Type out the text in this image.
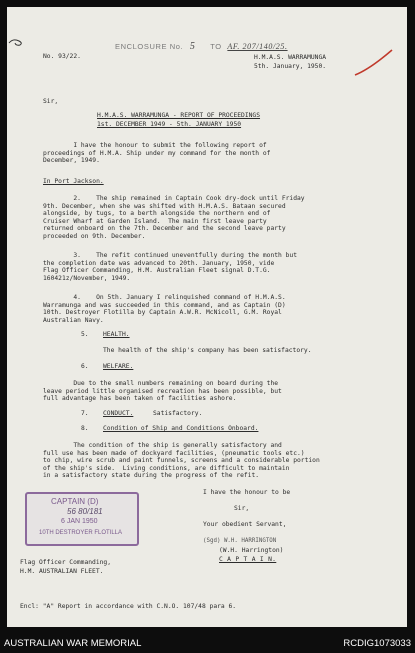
ENCLOSURE No. 5 TO AF. 207/140/25.
No. 93/22.	H.M.A.S. WARRAMUNGA
5th. January, 1950.
Sir,
H.M.A.S. WARRAMUNGA - REPORT OF PROCEEDINGS
1st. DECEMBER 1949 - 5th. JANUARY 1950
I have the honour to submit the following report of
proceedings of H.M.A. Ship under my command for the month of
December, 1949.
In Port Jackson.
2.    The ship remained in Captain Cook dry-dock until Friday
9th. December, when she was shifted with H.M.A.S. Bataan secured
alongside, by tugs, to a berth alongside the northern end of
Cruiser Wharf at Garden Island.  The main first leave party
returned onboard on the 7th. December and the second leave party
proceeded on 9th. December.
3.    The refit continued uneventfully during the month but
the completion date was advanced to 20th. January, 1950, vide
Flag Officer Commanding, H.M. Australian Fleet signal D.T.G.
160421z/November, 1949.
4.    On 5th. January I relinquished command of H.M.A.S.
Warramunga and was succeeded in this command, and as Captain (D)
10th. Destroyer Flotilla by Captain A.W.R. McNicoll, G.M. Royal
Australian Navy.
5. HEALTH.
The health of the ship's company has been satisfactory.
6. WELFARE.
Due to the small numbers remaining on board during the
leave period little organised recreation has been possible, but
full advantage has been taken of facilities ashore.
7. CONDUCT.	Satisfactory.
8. Condition of Ship and Conditions Onboard.
The condition of the ship is generally satisfactory and
full use has been made of dockyard facilities, (pneumatic tools etc.)
to chip, wire scrub and paint funnels, screens and a considerable portion
of the ship's side.  Living conditions, are difficult to maintain
in a satisfactory state during the progress of the refit.
I have the honour to be
Sir,
Your obedient Servant,
(Sgd) W.H. HARRINGTON
(W.H. Harrington)
C A P T A I N.
Flag Officer Commanding,
H.M. AUSTRALIAN FLEET.
Encl: "A" Report in accordance with C.N.O. 107/48 para 6.
CAPTAIN (D)
56 80/181
6 JAN 1950
10TH DESTROYER FLOTILLA
AUSTRALIAN WAR MEMORIAL	RCDIG1073033
